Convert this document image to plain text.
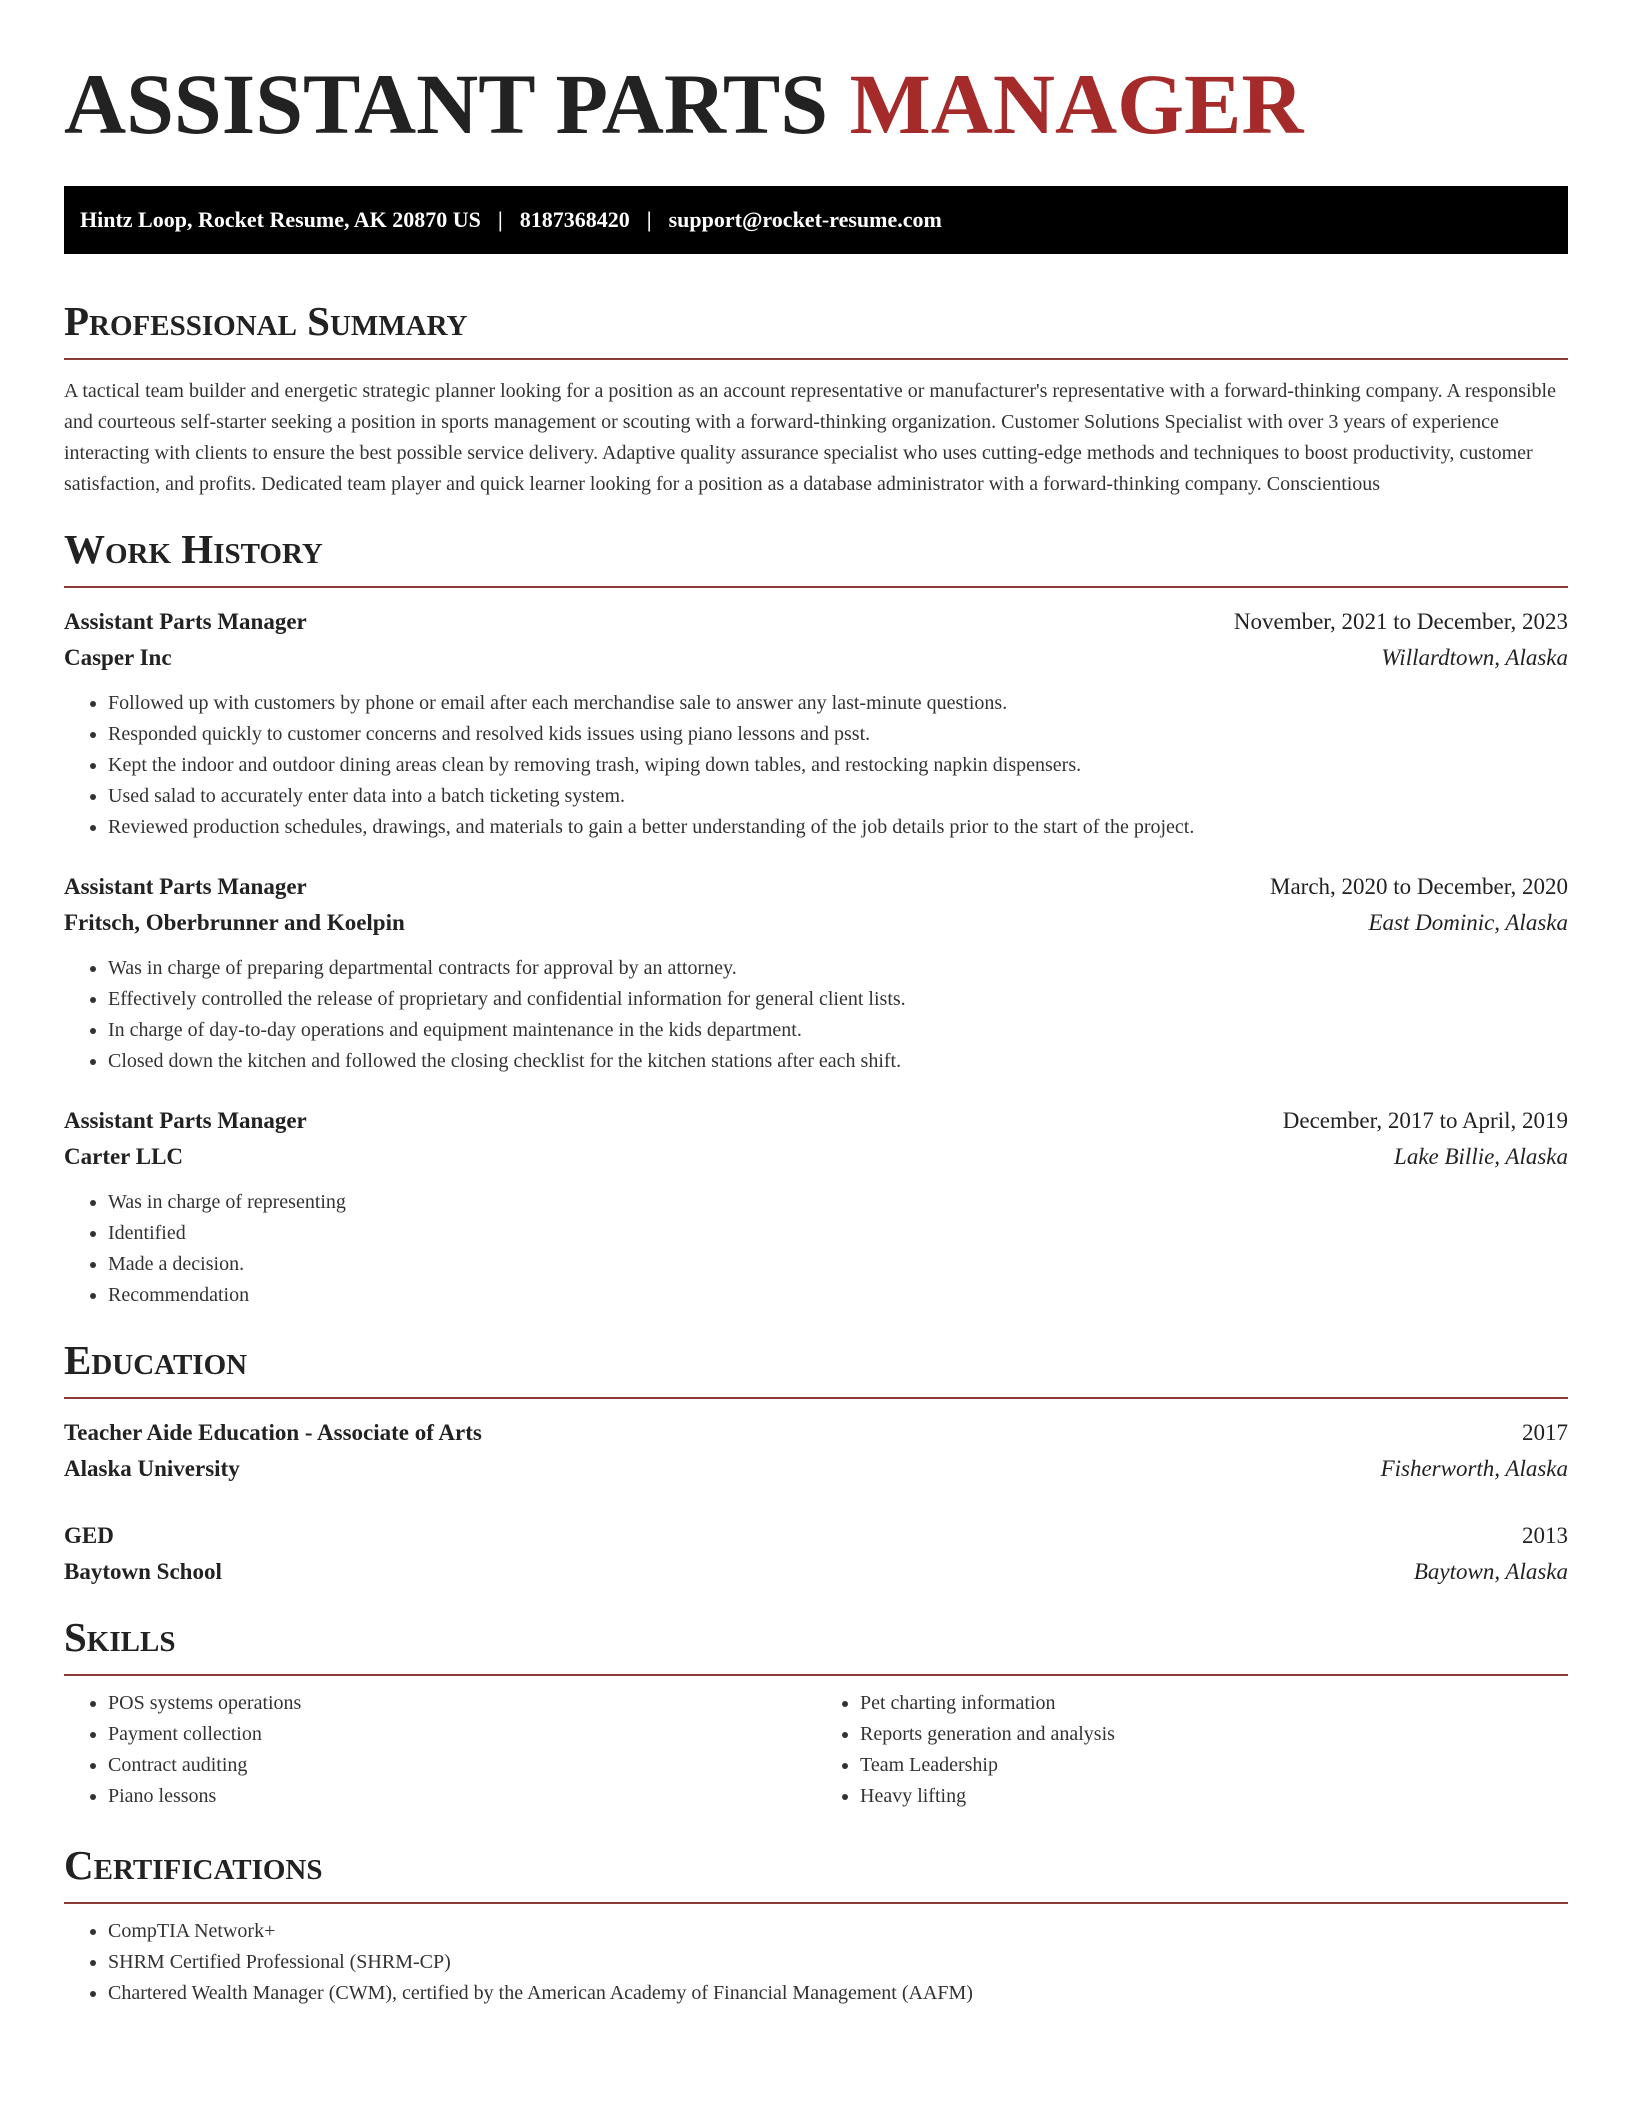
ASSISTANT PARTS MANAGER
Hintz Loop, Rocket Resume, AK 20870 US | 8187368420 | support@rocket-resume.com
Professional Summary

A tactical team builder and energetic strategic planner looking for a position as an account representative or manufacturer's representative with a forward-thinking company. A responsible and courteous self-starter seeking a position in sports management or scouting with a forward-thinking organization. Customer Solutions Specialist with over 3 years of experience interacting with clients to ensure the best possible service delivery. Adaptive quality assurance specialist who uses cutting-edge methods and techniques to boost productivity, customer satisfaction, and profits. Dedicated team player and quick learner looking for a position as a database administrator with a forward-thinking company. Conscientious

Work History
Assistant Parts Manager	November, 2021 to December, 2023
Casper Inc	Willardtown, Alaska
• Followed up with customers by phone or email after each merchandise sale to answer any last-minute questions.
• Responded quickly to customer concerns and resolved kids issues using piano lessons and psst.
• Kept the indoor and outdoor dining areas clean by removing trash, wiping down tables, and restocking napkin dispensers.
• Used salad to accurately enter data into a batch ticketing system.
• Reviewed production schedules, drawings, and materials to gain a better understanding of the job details prior to the start of the project.
Assistant Parts Manager	March, 2020 to December, 2020
Fritsch, Oberbrunner and Koelpin	East Dominic, Alaska
• Was in charge of preparing departmental contracts for approval by an attorney.
• Effectively controlled the release of proprietary and confidential information for general client lists.
• In charge of day-to-day operations and equipment maintenance in the kids department.
• Closed down the kitchen and followed the closing checklist for the kitchen stations after each shift.
Assistant Parts Manager	December, 2017 to April, 2019
Carter LLC	Lake Billie, Alaska
• Was in charge of representing
• Identified
• Made a decision.
• Recommendation
Education
Teacher Aide Education - Associate of Arts	2017
Alaska University	Fisherworth, Alaska
GED	2013
Baytown School	Baytown, Alaska
Skills
• POS systems operations
• Payment collection
• Contract auditing
• Piano lessons
• Pet charting information
• Reports generation and analysis
• Team Leadership
• Heavy lifting
Certifications
• CompTIA Network+
• SHRM Certified Professional (SHRM-CP)
• Chartered Wealth Manager (CWM), certified by the American Academy of Financial Management (AAFM)
